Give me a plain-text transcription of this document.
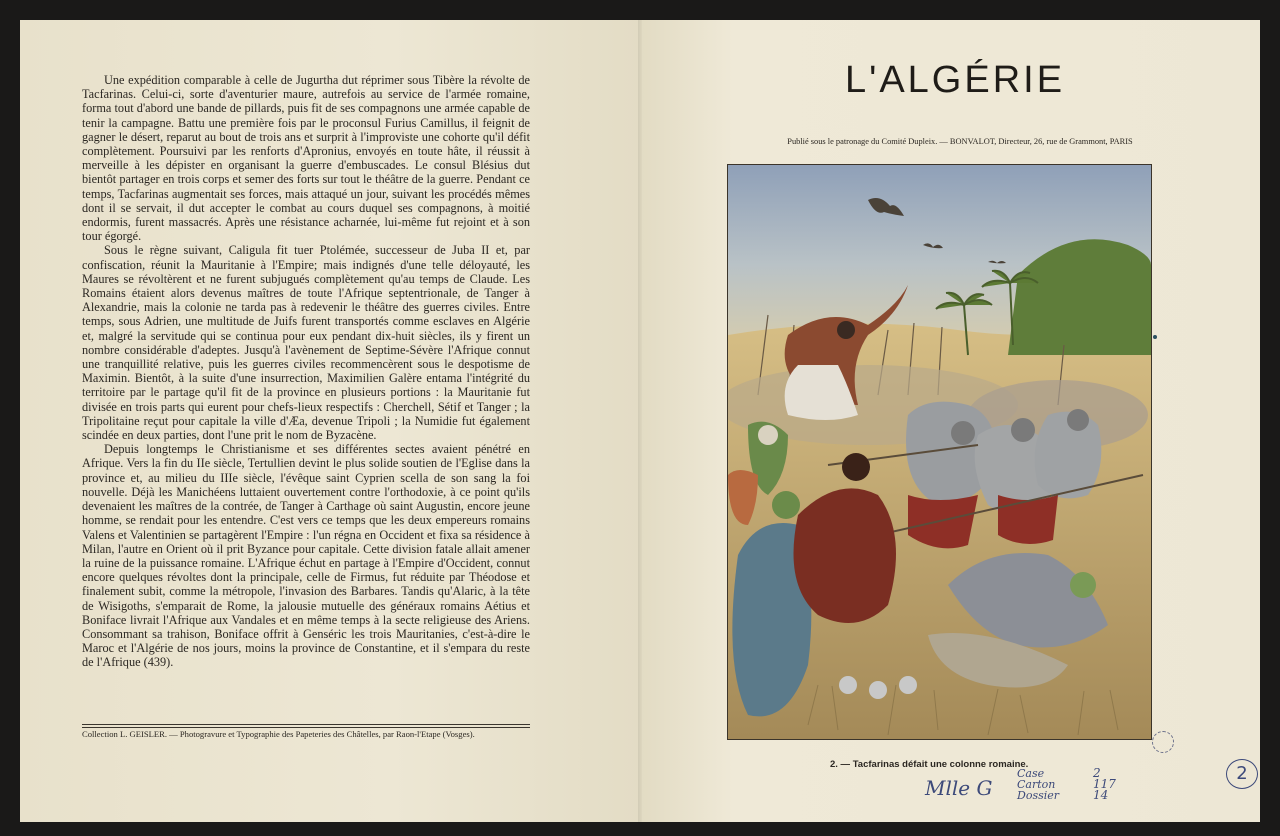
Une expédition comparable à celle de Jugurtha dut réprimer sous Tibère la révolte de Tacfarinas. Celui-ci, sorte d'aventurier maure, autrefois au service de l'armée romaine, forma tout d'abord une bande de pillards, puis fit de ses compagnons une armée capable de tenir la campagne. Battu une première fois par le proconsul Furius Camillus, il feignit de gagner le désert, reparut au bout de trois ans et surprit à l'improviste une cohorte qu'il défit complètement. Poursuivi par les renforts d'Apronius, envoyés en toute hâte, il réussit à merveille à les dépister en organisant la guerre d'embuscades. Le consul Blésius dut bientôt partager en trois corps et semer des forts sur tout le théâtre de la guerre. Pendant ce temps, Tacfarinas augmentait ses forces, mais attaqué un jour, suivant les procédés mêmes dont il se servait, il dut accepter le combat au cours duquel ses compagnons, à moitié endormis, furent massacrés. Après une résistance acharnée, lui-même fut rejoint et à son tour égorgé.

Sous le règne suivant, Caligula fit tuer Ptolémée, successeur de Juba II et, par confiscation, réunit la Mauritanie à l'Empire; mais indignés d'une telle déloyauté, les Maures se révoltèrent et ne furent subjugués complètement qu'au temps de Claude. Les Romains étaient alors devenus maîtres de toute l'Afrique septentrionale, de Tanger à Alexandrie, mais la colonie ne tarda pas à redevenir le théâtre des guerres civiles. Entre temps, sous Adrien, une multitude de Juifs furent transportés comme esclaves en Algérie et, malgré la servitude qui se continua pour eux pendant dix-huit siècles, ils y firent un nombre considérable d'adeptes. Jusqu'à l'avènement de Septime-Sévère l'Afrique connut une tranquillité relative, puis les guerres civiles recommencèrent sous le despotisme de Maximin. Bientôt, à la suite d'une insurrection, Maximilien Galère entama l'intégrité du territoire par le partage qu'il fit de la province en plusieurs portions : la Mauritanie fut divisée en trois parts qui eurent pour chefs-lieux respectifs : Cherchell, Sétif et Tanger ; la Tripolitaine reçut pour capitale la ville d'Æa, devenue Tripoli ; la Numidie fut également scindée en deux parties, dont l'une prit le nom de Byzacène.

Depuis longtemps le Christianisme et ses différentes sectes avaient pénétré en Afrique. Vers la fin du IIe siècle, Tertullien devint le plus solide soutien de l'Eglise dans la province et, au milieu du IIIe siècle, l'évêque saint Cyprien scella de son sang la foi nouvelle. Déjà les Manichéens luttaient ouvertement contre l'orthodoxie, à ce point qu'ils devenaient les maîtres de la contrée, de Tanger à Carthage où saint Augustin, encore jeune homme, se rendait pour les entendre. C'est vers ce temps que les deux empereurs romains Valens et Valentinien se partagèrent l'Empire : l'un régna en Occident et fixa sa résidence à Milan, l'autre en Orient où il prit Byzance pour capitale. Cette division fatale allait amener la ruine de la puissance romaine. L'Afrique échut en partage à l'Empire d'Occident, connut encore quelques révoltes dont la principale, celle de Firmus, fut réduite par Théodose et finalement subit, comme la métropole, l'invasion des Barbares. Tandis qu'Alaric, à la tête de Wisigoths, s'emparait de Rome, la jalousie mutuelle des généraux romains Aétius et Boniface livrait l'Afrique aux Vandales et en même temps à la secte religieuse des Ariens. Consommant sa trahison, Boniface offrit à Genséric les trois Mauritanies, c'est-à-dire le Maroc et l'Algérie de nos jours, moins la province de Constantine, et il s'empara du reste de l'Afrique (439).

Collection L. GEISLER. — Photogravure et Typographie des Papeteries des Châtelles, par Raon-l'Etape (Vosges).
L'ALGÉRIE
Publié sous le patronage du Comité Dupleix. — BONVALOT, Directeur, 26, rue de Grammont, PARIS
2. — Tacfarinas défait une colonne romaine.
Mlle G
Case
Carton
Dossier
2
117
14
2
